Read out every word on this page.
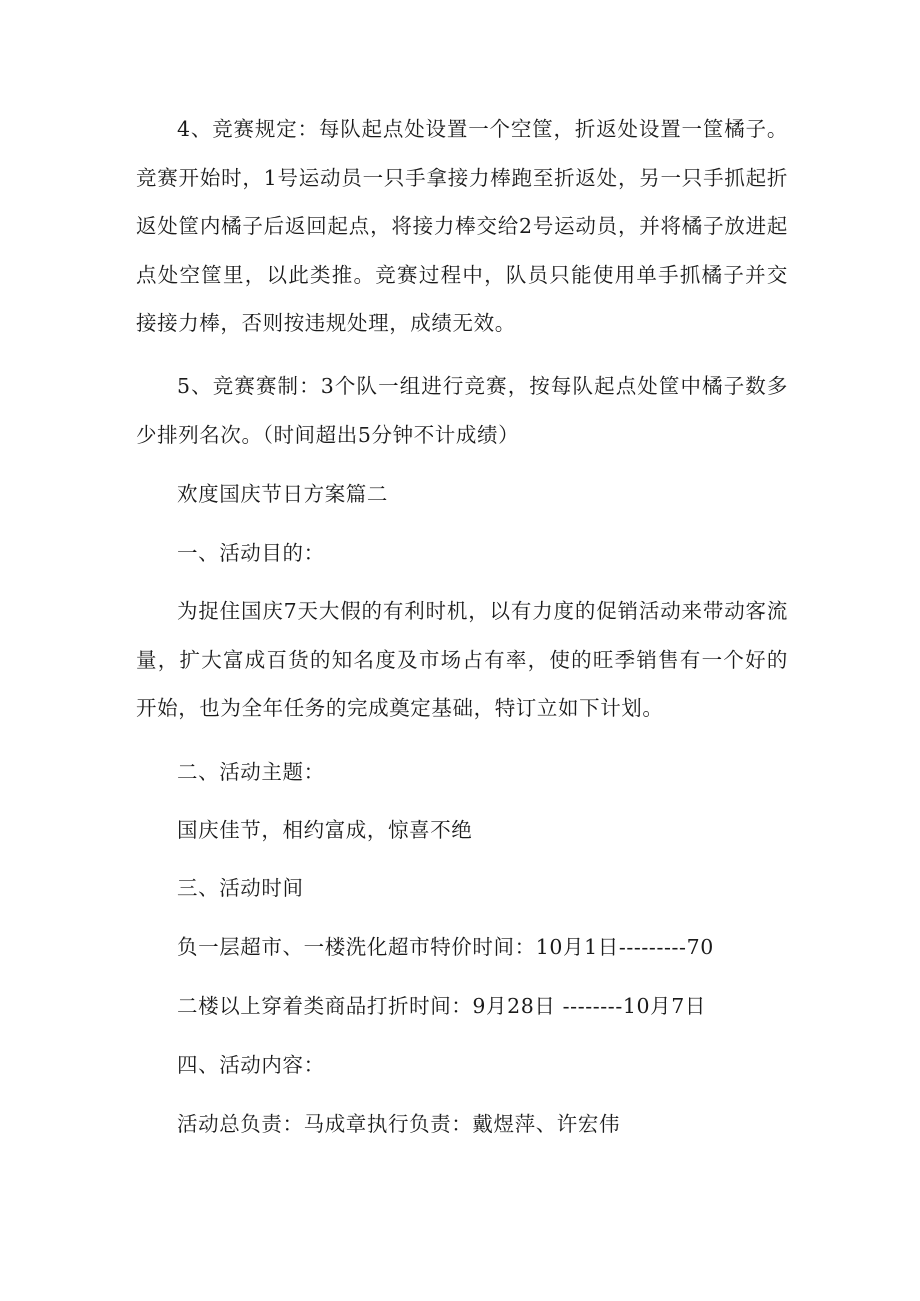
4、竞赛规定：每队起点处设置一个空筐，折返处设置一筐橘子。竞赛开始时，1号运动员一只手拿接力棒跑至折返处，另一只手抓起折返处筐内橘子后返回起点，将接力棒交给2号运动员，并将橘子放进起点处空筐里，以此类推。竞赛过程中，队员只能使用单手抓橘子并交接接力棒，否则按违规处理，成绩无效。

5、竞赛赛制：3个队一组进行竞赛，按每队起点处筐中橘子数多少排列名次。（时间超出5分钟不计成绩）

欢度国庆节日方案篇二

一、活动目的：

为捉住国庆7天大假的有利时机，以有力度的促销活动来带动客流量，扩大富成百货的知名度及市场占有率，使的旺季销售有一个好的开始，也为全年任务的完成奠定基础，特订立如下计划。

二、活动主题：

国庆佳节，相约富成，惊喜不绝

三、活动时间

负一层超市、一楼洗化超市特价时间：10月1日---------70

二楼以上穿着类商品打折时间：9月28日 --------10月7日

四、活动内容：

活动总负责：马成章执行负责：戴煜萍、许宏伟
